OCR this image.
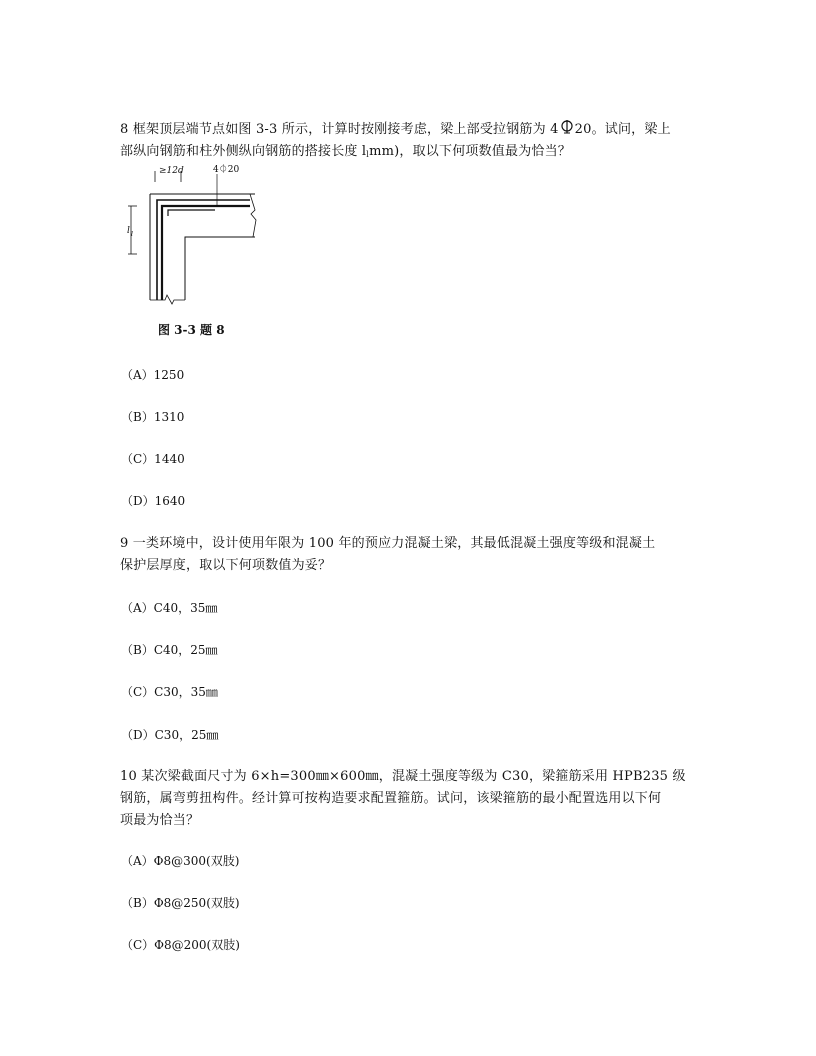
8 框架顶层端节点如图 3-3 所示，计算时按刚接考虑，梁上部受拉钢筋为 4 20。试问，梁上
部纵向钢筋和柱外侧纵向钢筋的搭接长度 $l_lmm$)，取以下何项数值最为恰当？
≥12d	4⏀20
l l
图 3-3 题 8
（A）1250
（B）1310
（C）1440
（D）1640
9 一类环境中，设计使用年限为 100 年的预应力混凝土梁，其最低混凝土强度等级和混凝土
保护层厚度，取以下何项数值为妥？
（A）C40，35㎜
（B）C40，25㎜
（C）C30，35㎜
（D）C30，25㎜
10 某次梁截面尺寸为 6×h=300㎜×600㎜，混凝土强度等级为 C30，梁箍筋采用 HPB235 级
钢筋，属弯剪扭构件。经计算可按构造要求配置箍筋。试问，该梁箍筋的最小配置选用以下何
项最为恰当？
（A）Φ8@300(双肢)
（B）Φ8@250(双肢)
（C）Φ8@200(双肢)
